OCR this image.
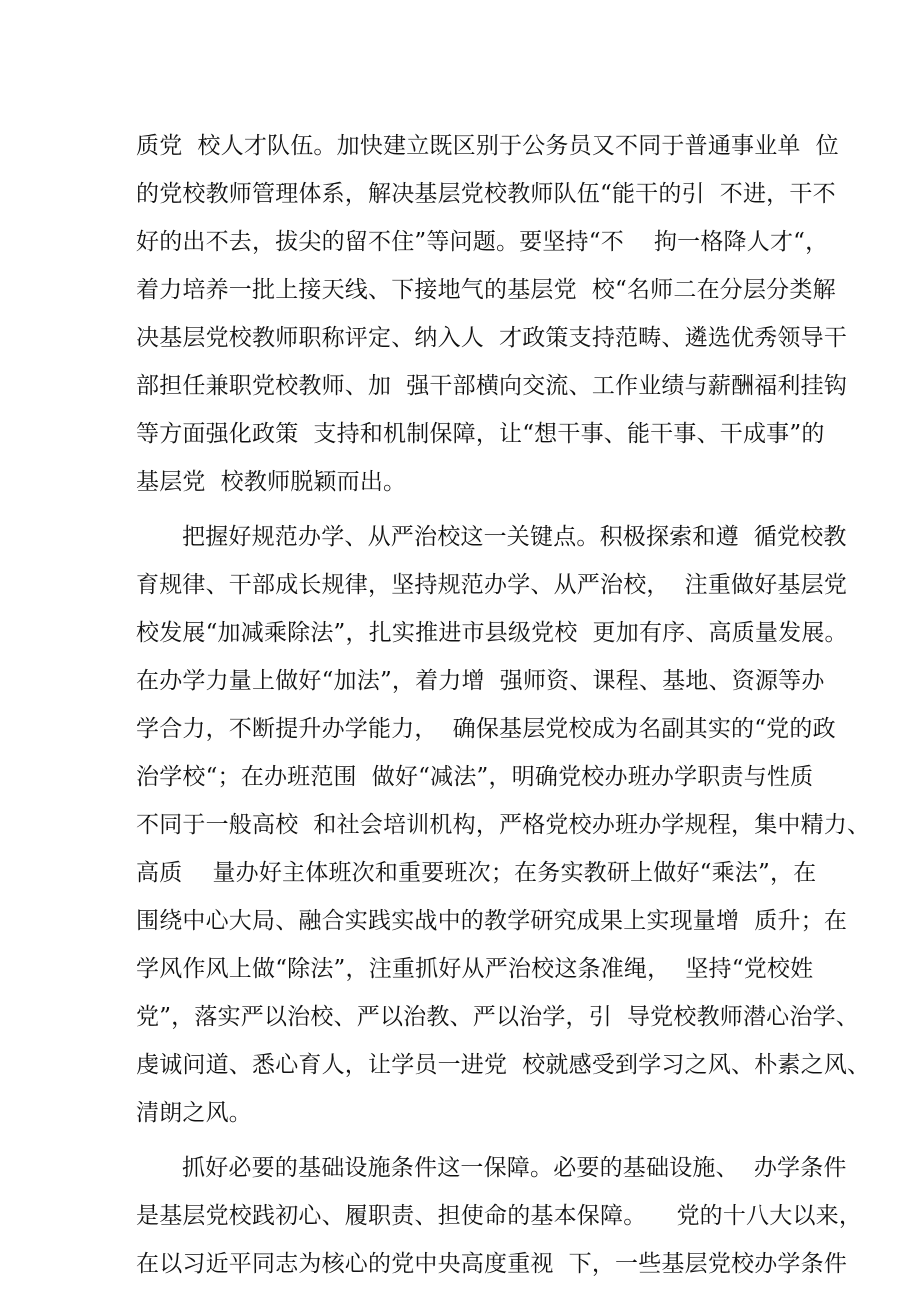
质党  校人才队伍。加快建立既区别于公务员又不同于普通事业单  位
的党校教师管理体系，解决基层党校教师队伍“能干的引  不进，干不
好的出不去，拔尖的留不住”等问题。要坚持“不    拘一格降人才“，
着力培养一批上接天线、下接地气的基层党  校“名师二在分层分类解
决基层党校教师职称评定、纳入人  才政策支持范畴、遴选优秀领导干
部担任兼职党校教师、加  强干部横向交流、工作业绩与薪酬福利挂钩
等方面强化政策  支持和机制保障，让“想干事、能干事、干成事”的
基层党  校教师脱颖而出。
把握好规范办学、从严治校这一关键点。积极探索和遵  循党校教
育规律、干部成长规律，坚持规范办学、从严治校，  注重做好基层党
校发展“加减乘除法”，扎实推进市县级党校  更加有序、高质量发展。
在办学力量上做好“加法”，着力增  强师资、课程、基地、资源等办
学合力，不断提升办学能力，  确保基层党校成为名副其实的“党的政
治学校“；在办班范围  做好“减法”，明确党校办班办学职责与性质
不同于一般高校  和社会培训机构，严格党校办班办学规程，集中精力、
高质    量办好主体班次和重要班次；在务实教研上做好“乘法”，在
围绕中心大局、融合实践实战中的教学研究成果上实现量增  质升；在
学风作风上做“除法”，注重抓好从严治校这条准绳，  坚持“党校姓
党”，落实严以治校、严以治教、严以治学，引  导党校教师潜心治学、
虔诚问道、悉心育人，让学员一进党  校就感受到学习之风、朴素之风、
清朗之风。
抓好必要的基础设施条件这一保障。必要的基础设施、  办学条件
是基层党校践初心、履职责、担使命的基本保障。    党的十八大以来，
在以习近平同志为核心的党中央高度重视  下，一些基层党校办学条件
